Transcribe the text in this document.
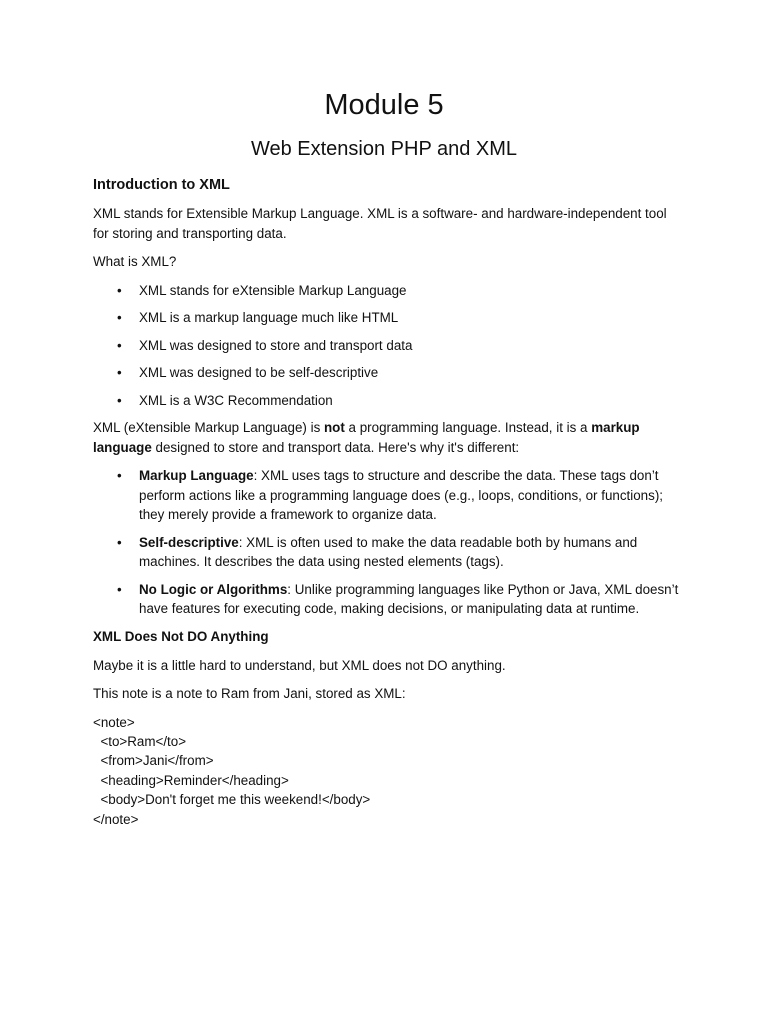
Module 5
Web Extension PHP and XML
Introduction to XML

XML stands for Extensible Markup Language. XML is a software- and hardware-independent tool for storing and transporting data.

What is XML?

• XML stands for eXtensible Markup Language
• XML is a markup language much like HTML
• XML was designed to store and transport data
• XML was designed to be self-descriptive
• XML is a W3C Recommendation

XML (eXtensible Markup Language) is not a programming language. Instead, it is a markup language designed to store and transport data. Here's why it's different:

• Markup Language: XML uses tags to structure and describe the data. These tags don’t perform actions like a programming language does (e.g., loops, conditions, or functions); they merely provide a framework to organize data.
• Self-descriptive: XML is often used to make the data readable both by humans and machines. It describes the data using nested elements (tags).
• No Logic or Algorithms: Unlike programming languages like Python or Java, XML doesn’t have features for executing code, making decisions, or manipulating data at runtime.
XML Does Not DO Anything

Maybe it is a little hard to understand, but XML does not DO anything.

This note is a note to Ram from Jani, stored as XML:

<note>
<to>Ram</to>
<from>Jani</from>
<heading>Reminder</heading>
<body>Don't forget me this weekend!</body>
</note>
